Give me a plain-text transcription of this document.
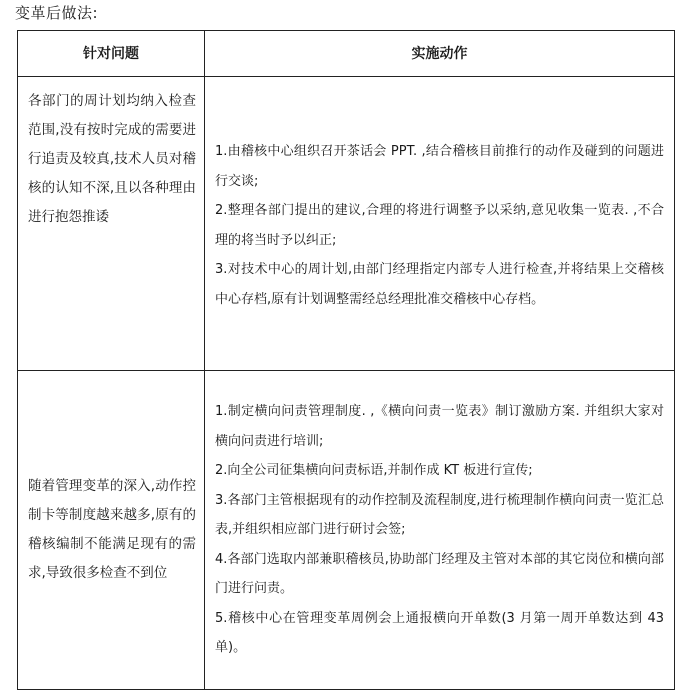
变革后做法:
针对问题	实施动作
各部门的周计划均纳入检查范围,没有按时完成的需要进行追责及较真,技术人员对稽核的认知不深,且以各种理由进行抱怨推诿	1.由稽核中心组织召开茶话会 PPT. ,结合稽核目前推行的动作及碰到的问题进行交谈;
2.整理各部门提出的建议,合理的将进行调整予以采纳,意见收集一览表. ,不合理的将当时予以纠正;
3.对技术中心的周计划,由部门经理指定内部专人进行检查,并将结果上交稽核中心存档,原有计划调整需经总经理批准交稽核中心存档。

随着管理变革的深入,动作控制卡等制度越来越多,原有的稽核编制不能满足现有的需求,导致很多检查不到位	1.制定横向问责管理制度. ,《横向问责一览表》制订激励方案. 并组织大家对横向问责进行培训;
2.向全公司征集横向问责标语,并制作成 KT 板进行宣传;
3.各部门主管根据现有的动作控制及流程制度,进行梳理制作横向问责一览汇总表,并组织相应部门进行研讨会签;
4.各部门选取内部兼职稽核员,协助部门经理及主管对本部的其它岗位和横向部门进行问责。
5.稽核中心在管理变革周例会上通报横向开单数(3 月第一周开单数达到 43 单)。
